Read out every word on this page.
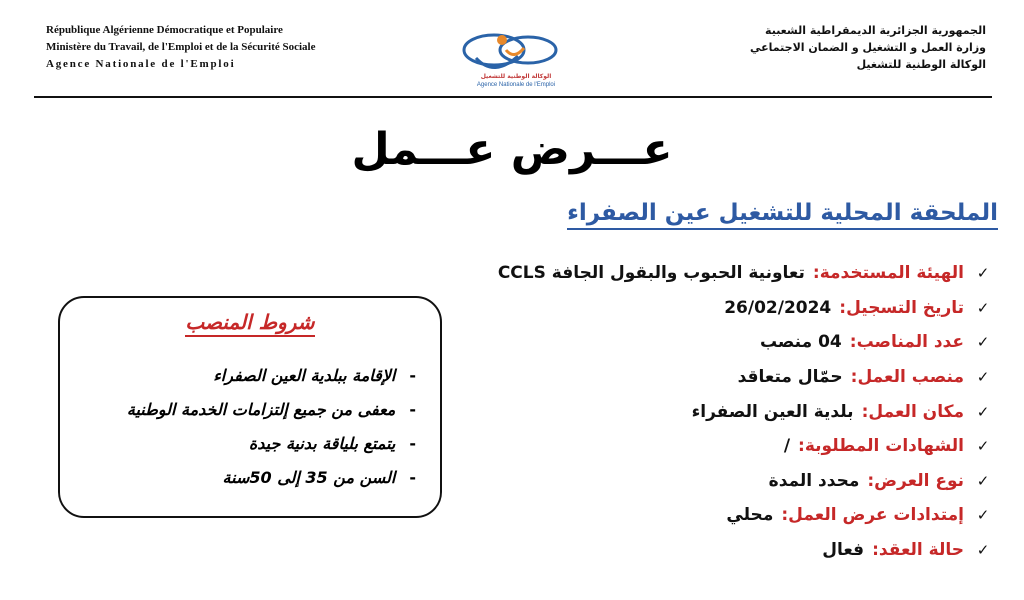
République Algérienne Démocratique et Populaire
Ministère du Travail, de l'Emploi et de la Sécurité Sociale
Agence Nationale de l'Emploi
الوكالة الوطنية للتشغيل
Agence Nationale de l'Emploi
الجمهورية الجزائرية الديمقراطية الشعبية
وزارة العمل و التشغيل و الضمان الاجتماعي
الوكالة الوطنية للتشغيل
عـــرض عـــمل
الملحقة المحلية للتشغيل عين الصفراء
✓
الهيئة المستخدمة
:
تعاونية الحبوب والبقول الجافة CCLS
✓
تاريخ التسجيل
:
26/02/2024
✓
عدد المناصب
:
04 منصب
✓
منصب العمل
:
حمّال متعاقد
✓
مكان العمل
:
بلدية العين الصفراء
✓
الشهادات المطلوبة
:
/
✓
نوع العرض
:
محدد المدة
✓
إمتدادات عرض العمل
:
محلي
✓
حالة العقد
:
فعال
شروط المنصب
-
الإقامة ببلدية العين الصفراء
-
معفى من جميع إلتزامات الخدمة الوطنية
-
يتمتع بلياقة بدنية جيدة
-
السن من 35 إلى 50سنة
